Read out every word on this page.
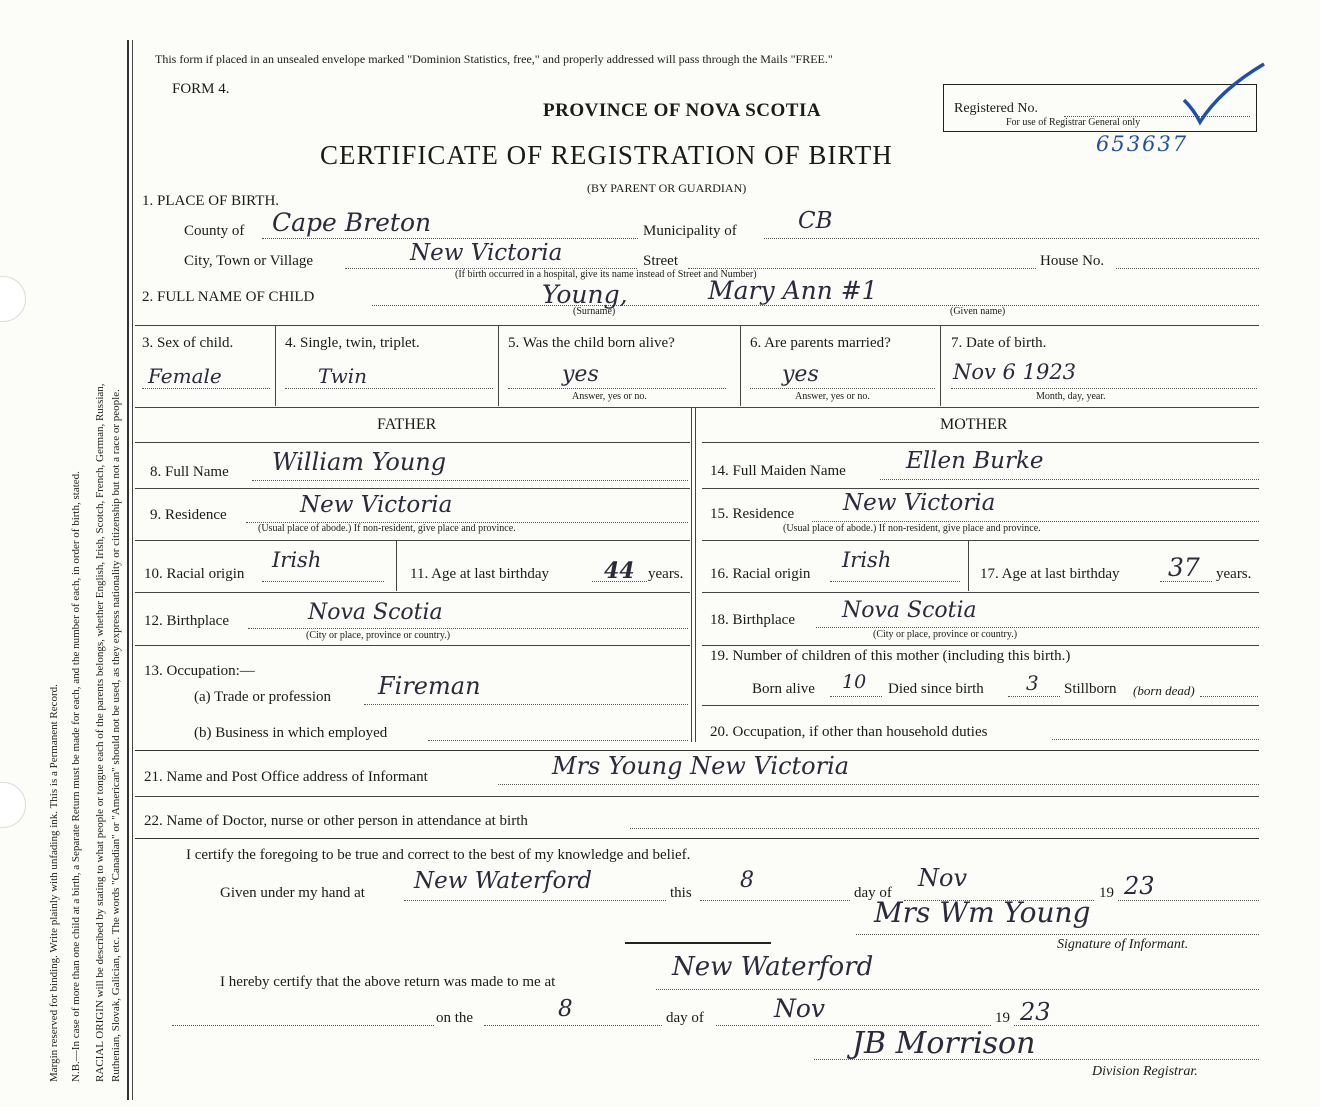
Margin reserved for binding. Write plainly with unfading ink. This is a Permanent Record. N.B.—In case of more than one child at a birth, a Separate Return must be made for each, and the number of each, in order of birth, stated. RACIAL ORIGIN will be described by stating to what people or tongue each of the parents belongs, whether English, Irish, Scotch, French, German, Russian, Ruthenian, Slovak, Galician, etc. The words "Canadian" or "American" should not be used, as they express nationality or citizenship but not a race or people.
This form if placed in an unsealed envelope marked "Dominion Statistics, free," and properly addressed will pass through the Mails "FREE."
FORM 4.
PROVINCE OF NOVA SCOTIA
CERTIFICATE OF REGISTRATION OF BIRTH
(BY PARENT OR GUARDIAN)
Registered No.
For use of Registrar General only
653637
1. PLACE OF BIRTH.
County of Cape Breton	Municipality of	CB
City, Town or Village	New Victoria	Street	House No.
(If birth occurred in a hospital, give its name instead of Street and Number)
2. FULL NAME OF CHILD	Young,	Mary Ann #1
(Surname)	(Given name)
3. Sex of child.
Female
4. Single, twin, triplet.
Twin
5. Was the child born alive?
yes
Answer, yes or no.
6. Are parents married?
yes
Answer, yes or no.
7. Date of birth.
Nov 6 1923
Month, day, year.
FATHER	MOTHER
8. Full Name William Young
9. Residence	New Victoria
(Usual place of abode.) If non-resident, give place and province.
10. Racial origin
Irish
11. Age at last birthday	44 years.
12. Birthplace	Nova Scotia
(City or place, province or country.)
13. Occupation:—
(a) Trade or profession Fireman
(b) Business in which employed
14. Full Maiden Name	Ellen Burke
15. Residence New Victoria
(Usual place of abode.) If non-resident, give place and province.
16. Racial origin
Irish
17. Age at last birthday 37 years.
18. Birthplace Nova Scotia
(City or place, province or country.)
19. Number of children of this mother (including this birth.)
Born alive 10 Died since birth 3 Stillborn (born dead)
20. Occupation, if other than household duties
21. Name and Post Office address of Informant	Mrs Young New Victoria
22. Name of Doctor, nurse or other person in attendance at birth
I certify the foregoing to be true and correct to the best of my knowledge and belief.
Given under my hand at New Waterford	this 8	day of
Nov
19 23
Mrs Wm Young
Signature of Informant.
I hereby certify that the above return was made to me at	New Waterford
on the	8	day of	Nov	19 23
JB Morrison
Division Registrar.
